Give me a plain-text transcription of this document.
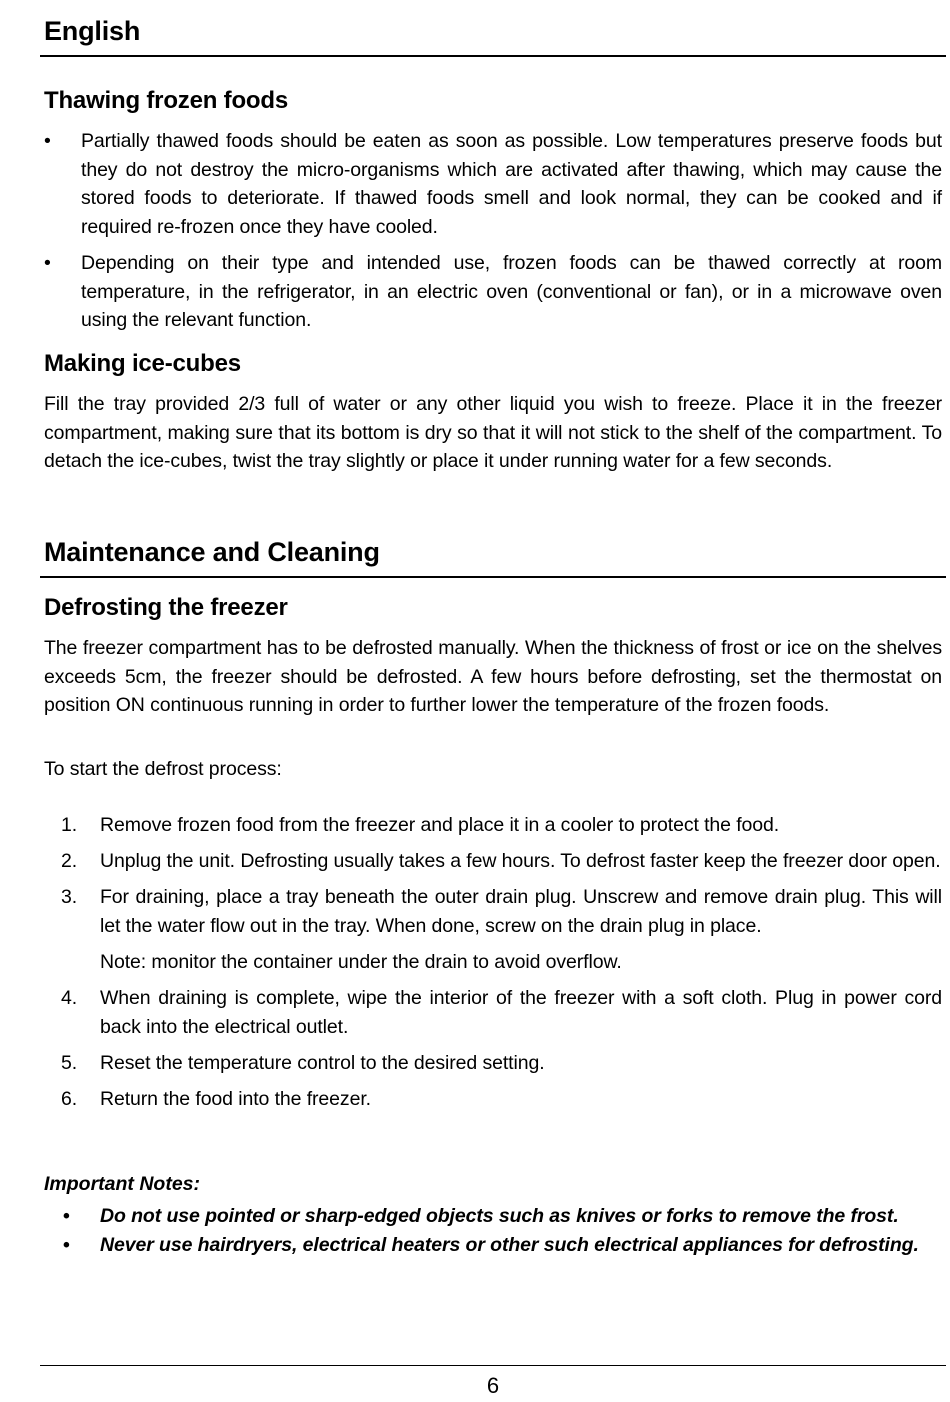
English
Thawing frozen foods
• Partially thawed foods should be eaten as soon as possible. Low temperatures preserve foods but they do not destroy the micro-organisms which are activated after thawing, which may cause the stored foods to deteriorate. If thawed foods smell and look normal, they can be cooked and if required re-frozen once they have cooled.
• Depending on their type and intended use, frozen foods can be thawed correctly at room temperature, in the refrigerator, in an electric oven (conventional or fan), or in a microwave oven using the relevant function.
Making ice-cubes
Fill the tray provided 2/3 full of water or any other liquid you wish to freeze. Place it in the freezer compartment, making sure that its bottom is dry so that it will not stick to the shelf of the compartment. To detach the ice-cubes, twist the tray slightly or place it under running water for a few seconds.
Maintenance and Cleaning
Defrosting the freezer
The freezer compartment has to be defrosted manually. When the thickness of frost or ice on the shelves exceeds 5cm, the freezer should be defrosted. A few hours before defrosting, set the thermostat on position ON continuous running in order to further lower the temperature of the frozen foods.
To start the defrost process:
1. Remove frozen food from the freezer and place it in a cooler to protect the food.
2. Unplug the unit. Defrosting usually takes a few hours. To defrost faster keep the freezer door open.
3. For draining, place a tray beneath the outer drain plug. Unscrew and remove drain plug. This will let the water flow out in the tray. When done, screw on the drain plug in place.
Note: monitor the container under the drain to avoid overflow.
4. When draining is complete, wipe the interior of the freezer with a soft cloth. Plug in power cord back into the electrical outlet.
5. Reset the temperature control to the desired setting.
6. Return the food into the freezer.
Important Notes:
• Do not use pointed or sharp-edged objects such as knives or forks to remove the frost.
• Never use hairdryers, electrical heaters or other such electrical appliances for defrosting.
6
